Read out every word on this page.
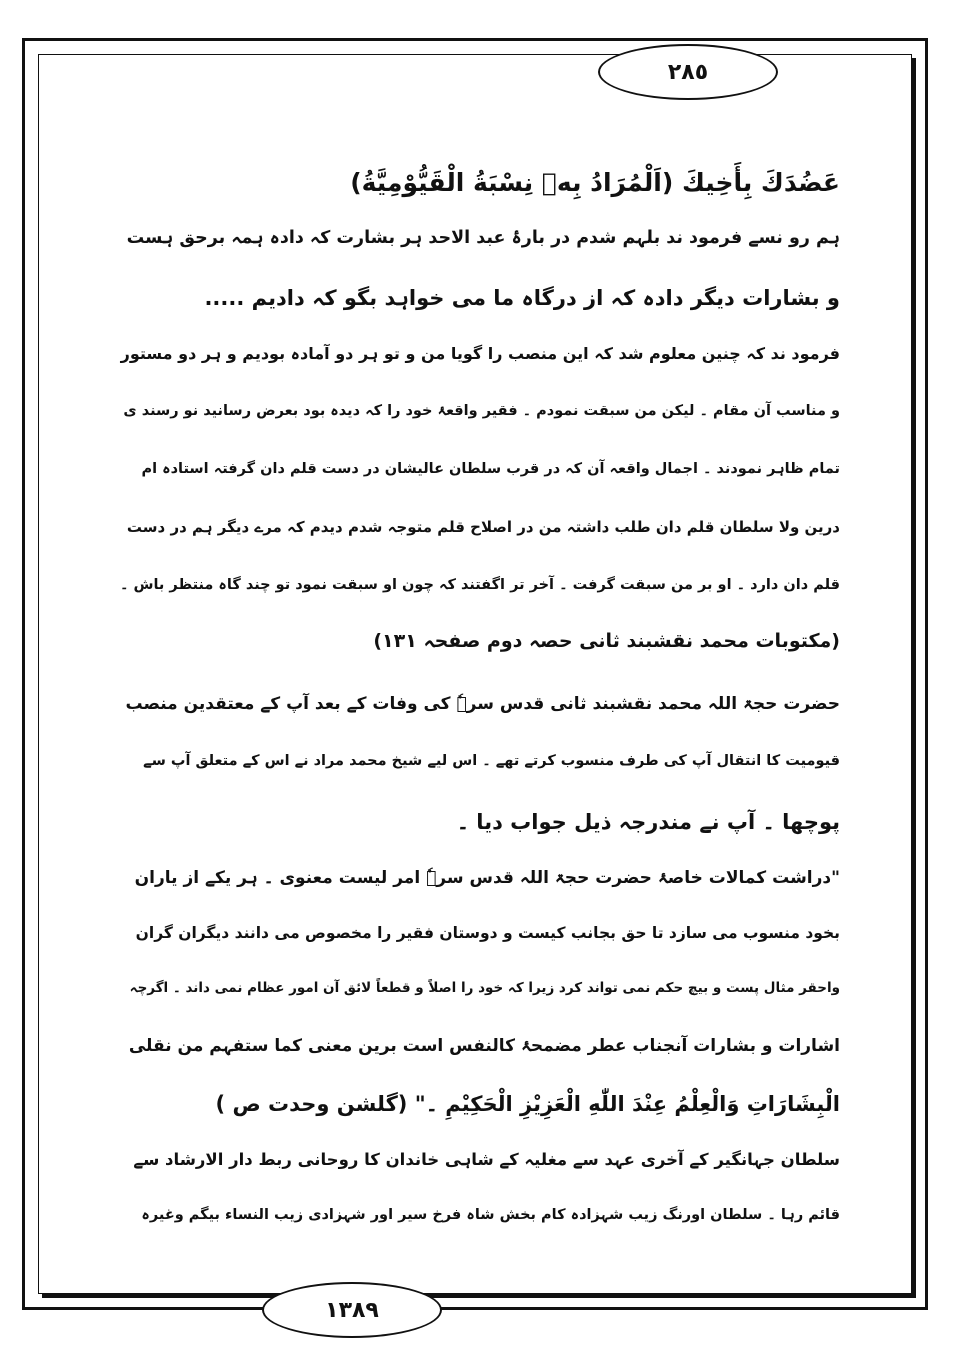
٢٨٥
عَضُدَكَ بِأَخِيكَ (اَلْمُرَادُ بِهٖ نِسْبَةُ الْقَيُّوْمِيَّةُ)
ہم رو نسے فرمود ند بلہم شدم در بارۂ عبد الاحد ہر بشارت کہ دادہ ہمہ برحق ہست
و بشارات دیگر دادہ کہ از درگاہ ما می خواہد بگو کہ دادیم .....
فرمود ند کہ چنین معلوم شد کہ این منصب را گویا من و تو ہر دو آمادہ بودیم و ہر دو مستور
و مناسب آن مقام ۔ لیکن من سبقت نمودم ۔ فقیر واقعۂ خود را کہ دیدہ بود بعرض رسانید نو رسند ی
تمام ظاہر نمودند ۔ اجمال واقعہ آن کہ در قرب سلطان عالیشان در دست قلم دان گرفتہ استادہ ام
درین ولا سلطان قلم دان طلب داشتہ من در اصلاح قلم متوجہ شدم دیدم کہ مرے دیگر ہم در دست
قلم دان دارد ۔ او بر من سبقت گرفت ۔ آخر تر اگفتند کہ چون او سبقت نمود تو چند گاہ منتظر باش ۔
(مکتوبات محمد نقشبند ثانی حصہ دوم صفحہ ١٣١)
حضرت حجۃ اللہ محمد نقشبند ثانی قدس سرہٗ کی وفات کے بعد آپ کے معتقدین منصب
قیومیت کا انتقال آپ کی طرف منسوب کرتے تھے ۔ اس لیے شیخ محمد مراد نے اس کے متعلق آپ سے
پوچھا ۔ آپ نے مندرجہ ذیل جواب دیا ۔
"دراشت کمالات خاصۂ حضرت حجۃ اللہ قدس سرہٗ امر لیست معنوی ۔ ہر یکے از یاران
بخود منسوب می سازد تا حق بجانب کیست و دوستان فقیر را مخصوص می دانند دیگران گران
واحقر مثال پست و بیچ حکم نمی تواند کرد زیرا کہ خود را اصلاً و قطعاً لائق آن امور عظام نمی داند ۔ اگرچہ
اشارات و بشارات آنجناب عطر مضمحۂ کالنفس است برین معنی کما ستفہم من نقلی
الْبِشَارَاتِ وَالْعِلْمُ عِنْدَ اللّٰهِ الْعَزِيْزِ الْحَكِيْمِ ۔" (گلشن وحدت ص )
سلطان جہانگیر کے آخری عہد سے مغلیہ کے شاہی خاندان کا روحانی ربط دار الارشاد سے
قائم رہا ۔ سلطان اورنگ زیب شہزادہ کام بخش شاہ فرخ سیر اور شہزادی زیب النساء بیگم وغیرہ
١٣٨٩
